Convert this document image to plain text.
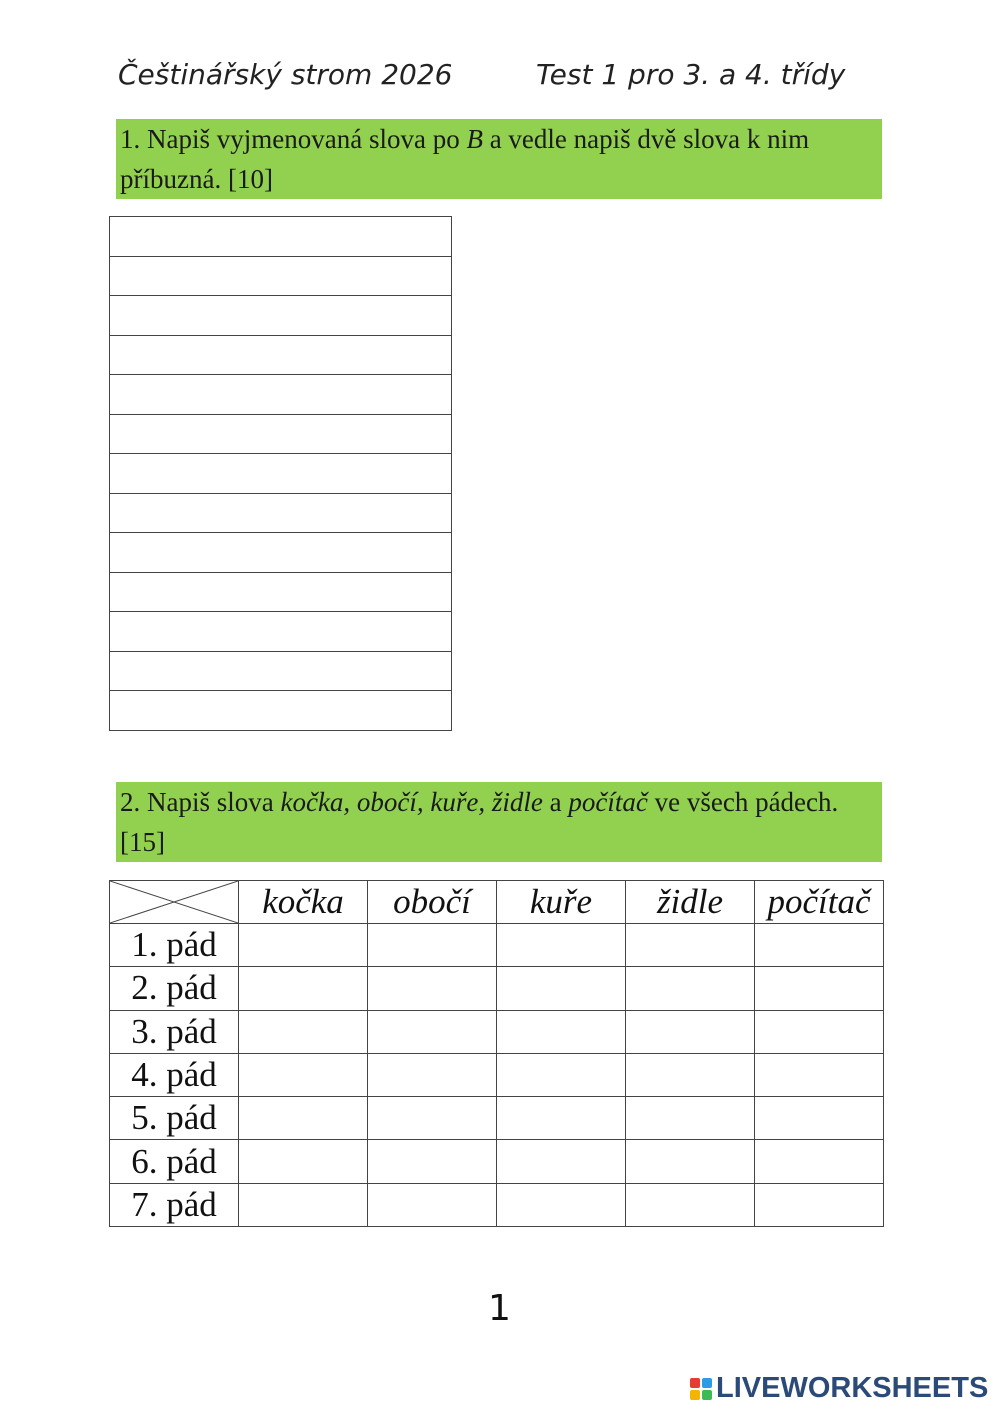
Češtinářský strom 2026	Test 1 pro 3. a 4. třídy
1. Napiš vyjmenovaná slova po B a vedle napiš dvě slova k nim příbuzná. [10]

2. Napiš slova kočka, obočí, kuře, židle a počítač ve všech pádech. [15]
	kočka	obočí	kuře	židle	počítač
1. pád					
2. pád					
3. pád					
4. pád					
5. pád					
6. pád					
7. pád					
1
LIVEWORKSHEETS
